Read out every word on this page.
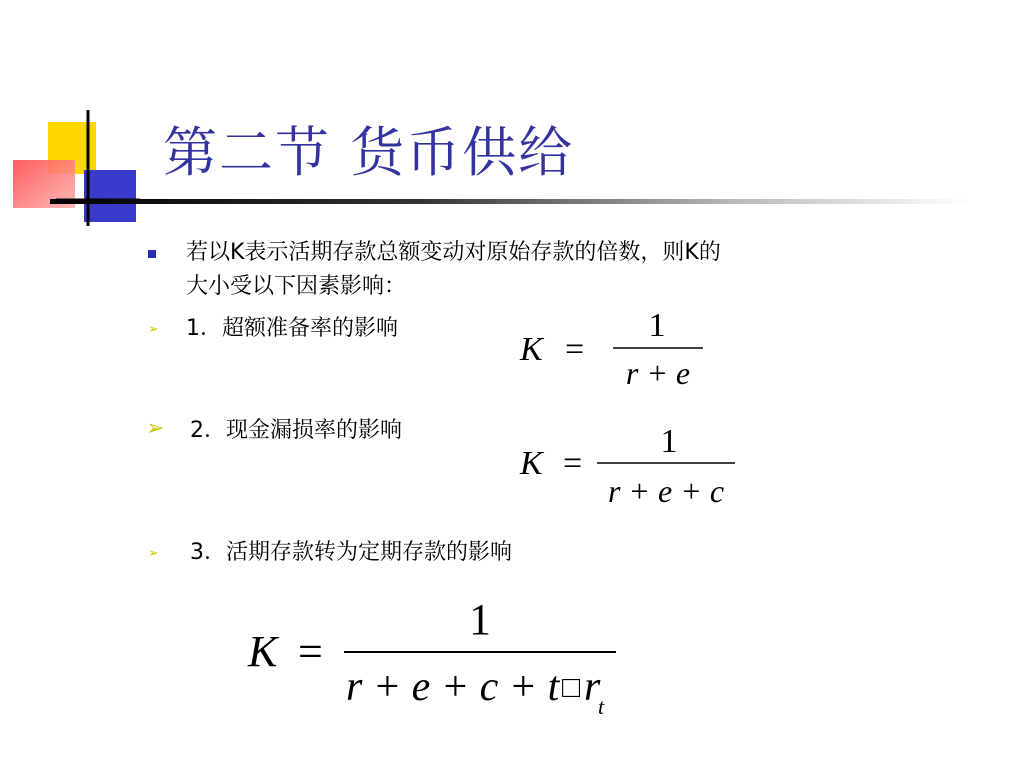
第二节 货币供给
若以K表示活期存款总额变动对原始存款的倍数，则K的
大小受以下因素影响：
➢ 1．超额准备率的影响
➢ 2．现金漏损率的影响
➢ 3．活期存款转为定期存款的影响
K =
1
r + e
K =
1
r + e + c
K =
1
r + e + c + t □ r
t
